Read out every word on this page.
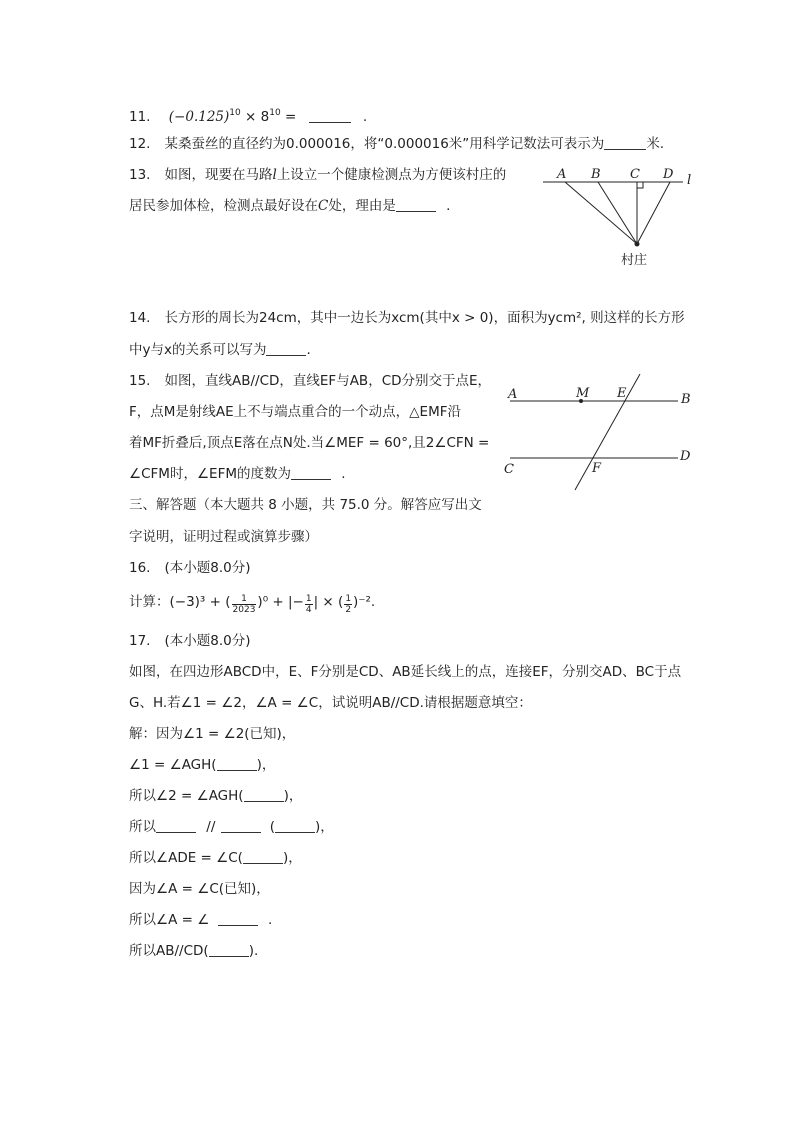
11. $(-0.125)^{10} \times 8^{10}$ =	.
12. 某桑蚕丝的直径约为0.000016，将“0.000016米”用科学记数法可表示为	米.
13. 如图，现要在马路l上设立一个健康检测点为方便该村庄的
居民参加体检，检测点最好设在C处，理由是	.
A B C D l
村庄
14. 长方形的周长为24cm，其中一边长为xcm(其中x > 0)，面积为ycm², 则这样的长方形
中y与x的关系可以写为	.
15. 如图，直线AB//CD，直线EF与AB，CD分别交于点E，
F，点M是射线AE上不与端点重合的一个动点，△EMF沿
着MF折叠后,顶点E落在点N处.当∠MEF = 60°,且2∠CFN =
∠CFM时，∠EFM的度数为	.
A	M E	B
C	F
D
三、解答题（本大题共 8 小题，共 75.0 分。解答应写出文
字说明，证明过程或演算步骤）
16. (本小题8.0分)
计算：(−3)³ + ( $\frac{1}{2023} )^0$ + |− $\frac{1}{4}$ | × ( $\frac{1}{2} )^{-2}$.
17. (本小题8.0分)
如图，在四边形ABCD中，E、F分别是CD、AB延长线上的点，连接EF，分别交AD、BC于点
G、H.若∠1 = ∠2，∠A = ∠C，试说明AB//CD.请根据题意填空：
解：因为∠1 = ∠2(已知)，
∠1 = ∠AGH(	)，
所以∠2 = ∠AGH(	)，
所以	//	(	)，
所以∠ADE = ∠C(	)，
因为∠A = ∠C(已知)，
所以∠A = ∠	.
所以AB//CD(	).
